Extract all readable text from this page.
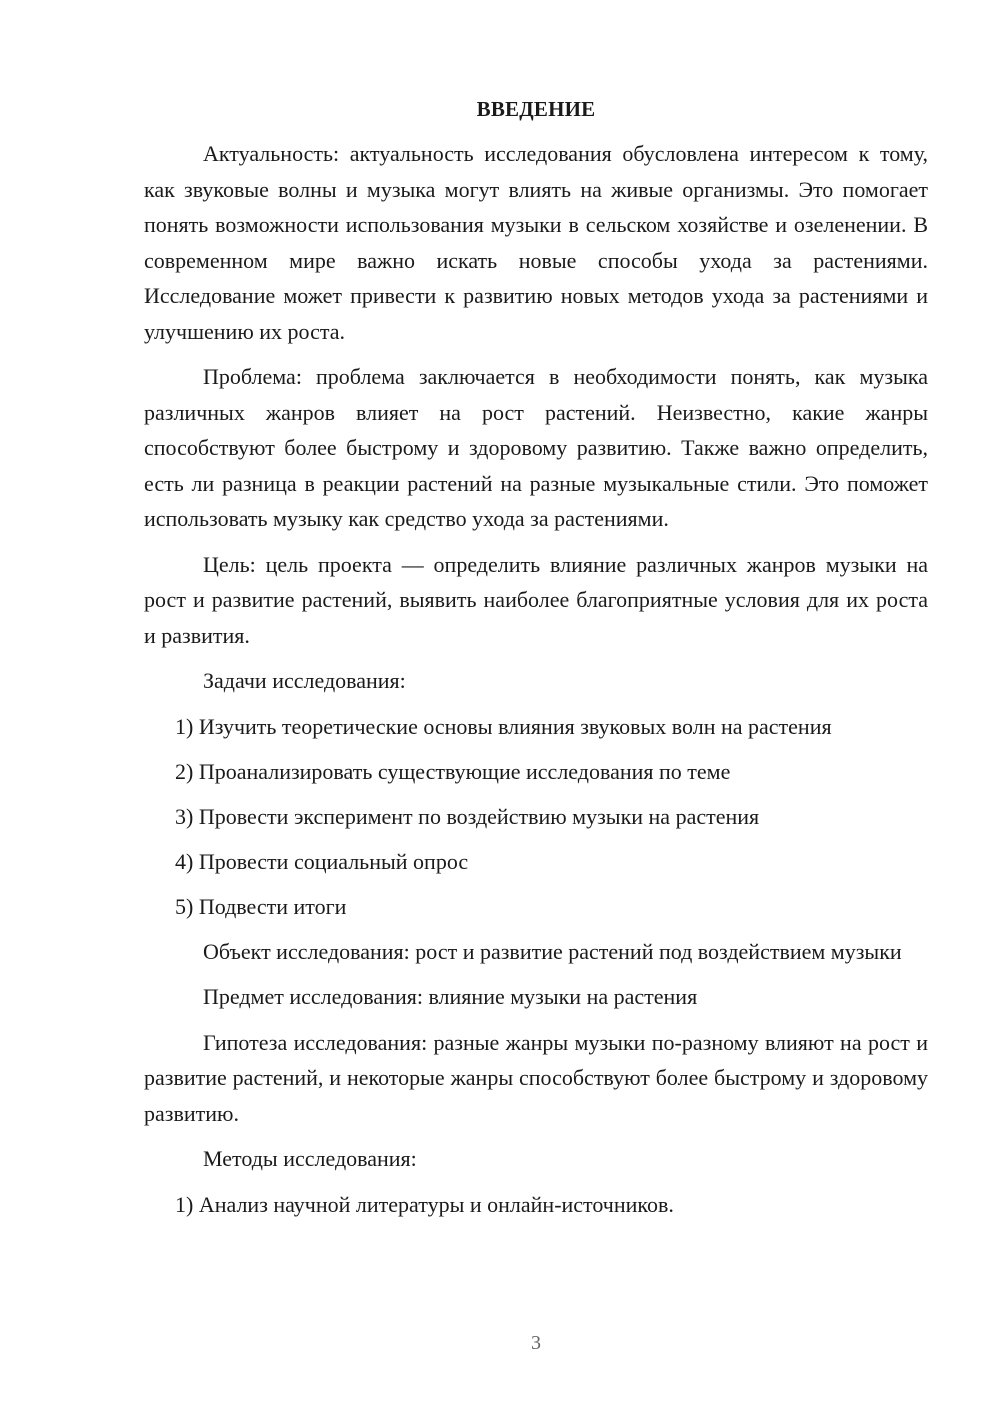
ВВЕДЕНИЕ

Актуальность: актуальность исследования обусловлена интересом к тому, как звуковые волны и музыка могут влиять на живые организмы. Это помогает понять возможности использования музыки в сельском хозяйстве и озеленении. В современном мире важно искать новые способы ухода за растениями. Исследование может привести к развитию новых методов ухода за растениями и улучшению их роста.

Проблема: проблема заключается в необходимости понять, как музыка различных жанров влияет на рост растений. Неизвестно, какие жанры способствуют более быстрому и здоровому развитию. Также важно определить, есть ли разница в реакции растений на разные музыкальные стили. Это поможет использовать музыку как средство ухода за растениями.

Цель: цель проекта — определить влияние различных жанров музыки на рост и развитие растений, выявить наиболее благоприятные условия для их роста и развития.

Задачи исследования:

1) Изучить теоретические основы влияния звуковых волн на растения
2) Проанализировать существующие исследования по теме
3) Провести эксперимент по воздействию музыки на растения
4) Провести социальный опрос
5) Подвести итоги

Объект исследования: рост и развитие растений под воздействием музыки

Предмет исследования: влияние музыки на растения

Гипотеза исследования: разные жанры музыки по-разному влияют на рост и развитие растений, и некоторые жанры способствуют более быстрому и здоровому развитию.

Методы исследования:

1) Анализ научной литературы и онлайн-источников.
3
